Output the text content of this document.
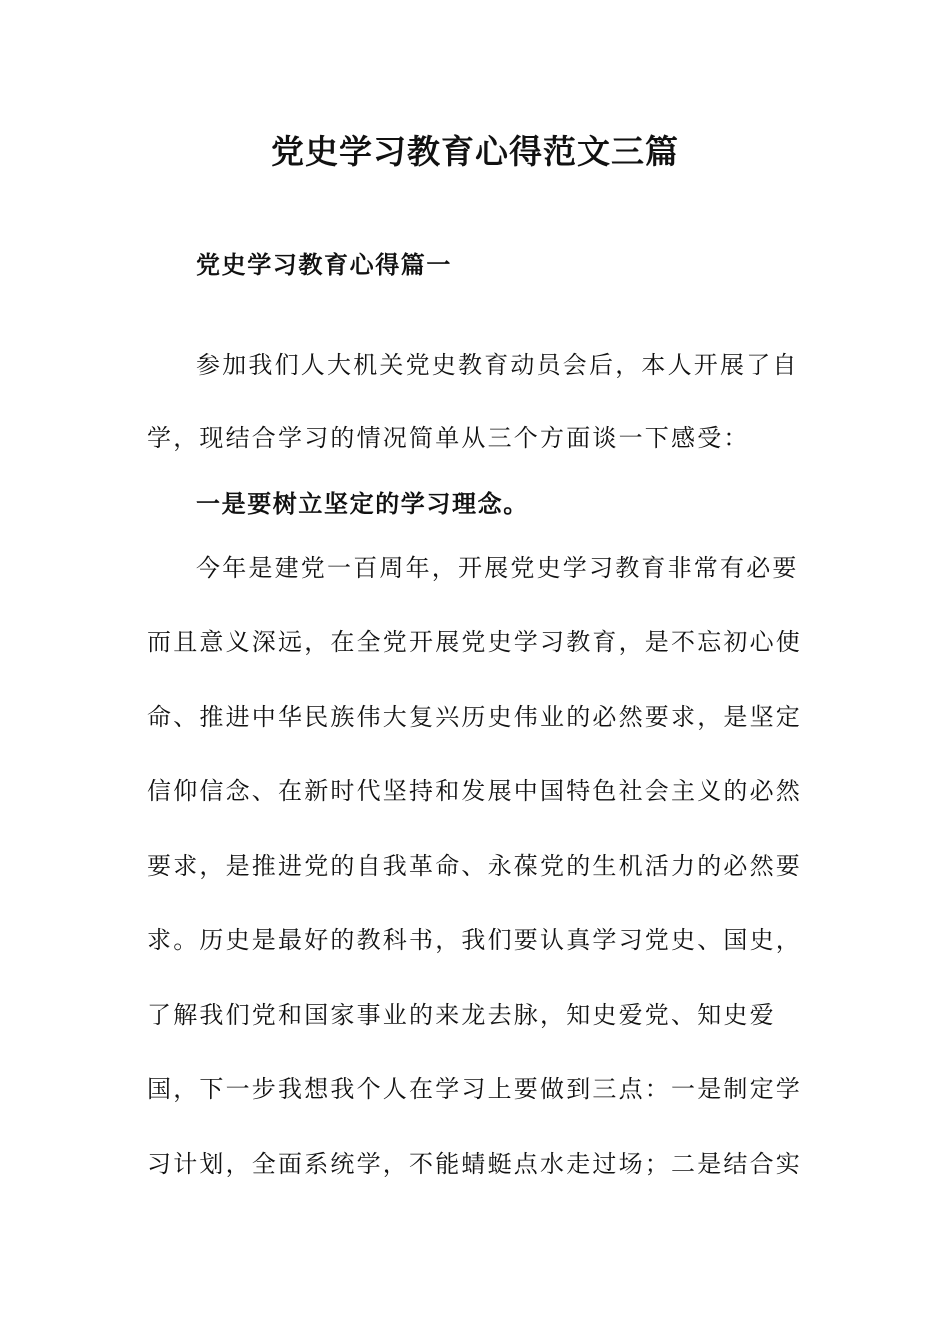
党史学习教育心得范文三篇
党史学习教育心得篇一
参加我们人大机关党史教育动员会后，本人开展了自
学，现结合学习的情况简单从三个方面谈一下感受：
一是要树立坚定的学习理念。
今年是建党一百周年，开展党史学习教育非常有必要
而且意义深远，在全党开展党史学习教育，是不忘初心使
命、推进中华民族伟大复兴历史伟业的必然要求，是坚定
信仰信念、在新时代坚持和发展中国特色社会主义的必然
要求，是推进党的自我革命、永葆党的生机活力的必然要
求。历史是最好的教科书，我们要认真学习党史、国史，
了解我们党和国家事业的来龙去脉，知史爱党、知史爱
国，下一步我想我个人在学习上要做到三点：一是制定学
习计划，全面系统学，不能蜻蜓点水走过场；二是结合实
